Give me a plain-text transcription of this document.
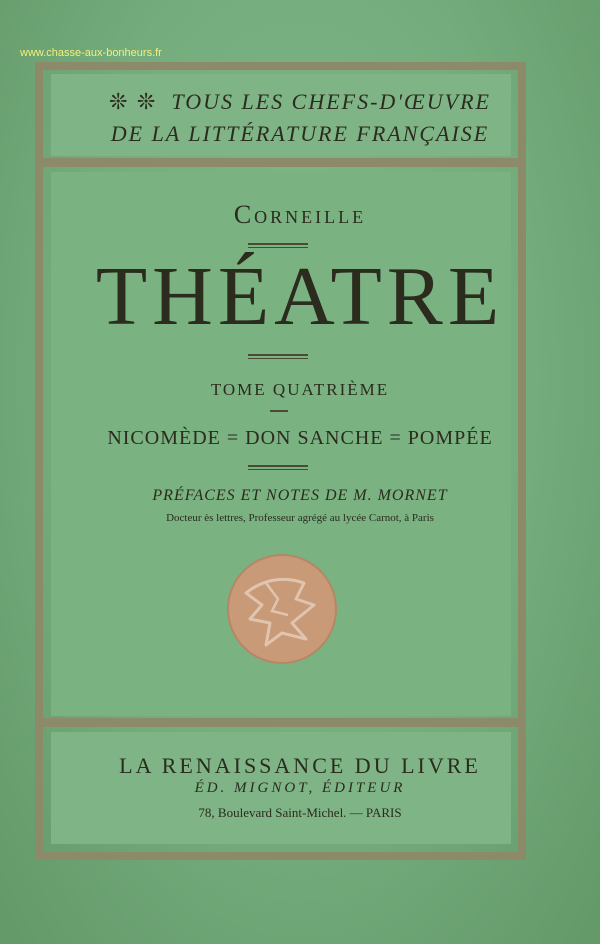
www.chasse-aux-bonheurs.fr
❊ ❊ TOUS LES CHEFS-D'ŒUVRE
DE LA LITTÉRATURE FRANÇAISE
Corneille
THÉATRE
TOME QUATRIÈME
NICOMÈDE = DON SANCHE = POMPÉE
PRÉFACES ET NOTES DE M. MORNET
Docteur ès lettres, Professeur agrégé au lycée Carnot, à Paris
LA RENAISSANCE DU LIVRE
ÉD. MIGNOT, ÉDITEUR
78, Boulevard Saint-Michel. — PARIS
